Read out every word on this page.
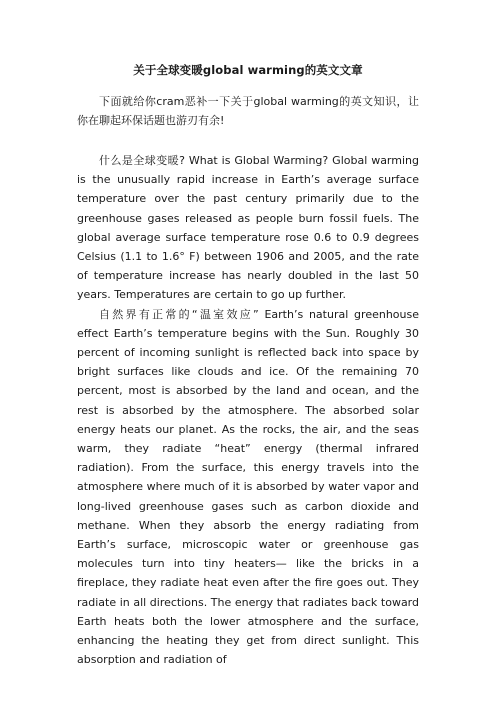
关于全球变暖global warming的英文文章

下面就给你cram恶补一下关于global warming的英文知识，让你在聊起环保话题也游刃有余!

什么是全球变暖? What is Global Warming? Global warming is the unusually rapid increase in Earth’s average surface temperature over the past century primarily due to the greenhouse gases released as people burn fossil fuels. The global average surface temperature rose 0.6 to 0.9 degrees Celsius (1.1 to 1.6° F) between 1906 and 2005, and the rate of temperature increase has nearly doubled in the last 50 years. Temperatures are certain to go up further.

自然界有正常的“温室效应” Earth’s natural greenhouse effect Earth’s temperature begins with the Sun. Roughly 30 percent of incoming sunlight is reflected back into space by bright surfaces like clouds and ice. Of the remaining 70 percent, most is absorbed by the land and ocean, and the rest is absorbed by the atmosphere. The absorbed solar energy heats our planet. As the rocks, the air, and the seas warm, they radiate “heat” energy (thermal infrared radiation). From the surface, this energy travels into the atmosphere where much of it is absorbed by water vapor and long-lived greenhouse gases such as carbon dioxide and methane. When they absorb the energy radiating from Earth’s surface, microscopic water or greenhouse gas molecules turn into tiny heaters— like the bricks in a fireplace, they radiate heat even after the fire goes out. They radiate in all directions. The energy that radiates back toward Earth heats both the lower atmosphere and the surface, enhancing the heating they get from direct sunlight. This absorption and radiation of
